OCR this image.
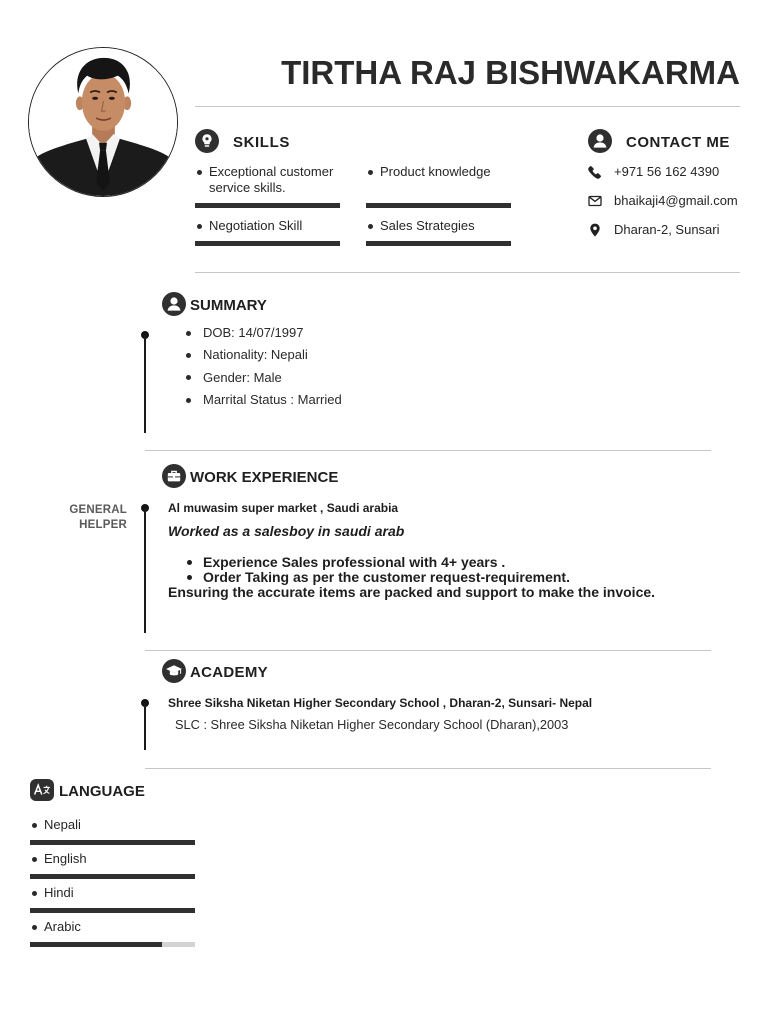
TIRTHA RAJ BISHWAKARMA
SKILLS
Exceptional customer service skills.
Product knowledge
Negotiation Skill	Sales Strategies
CONTACT ME
+971 56 162 4390
bhaikaji4@gmail.com
Dharan-2, Sunsari
SUMMARY
DOB: 14/07/1997
Nationality: Nepali
Gender: Male
Marrital Status : Married
WORK EXPERIENCE
GENERAL HELPER
Al muwasim super market , Saudi arabia
Worked as a salesboy in saudi arab
Experience Sales professional with 4+ years .
Order Taking as per the customer request-requirement.
Ensuring the accurate items are packed and support to make the invoice.
ACADEMY
Shree Siksha Niketan Higher Secondary School , Dharan-2, Sunsari- Nepal
SLC : Shree Siksha Niketan Higher Secondary School (Dharan),2003
LANGUAGE
Nepali
English
Hindi
Arabic
